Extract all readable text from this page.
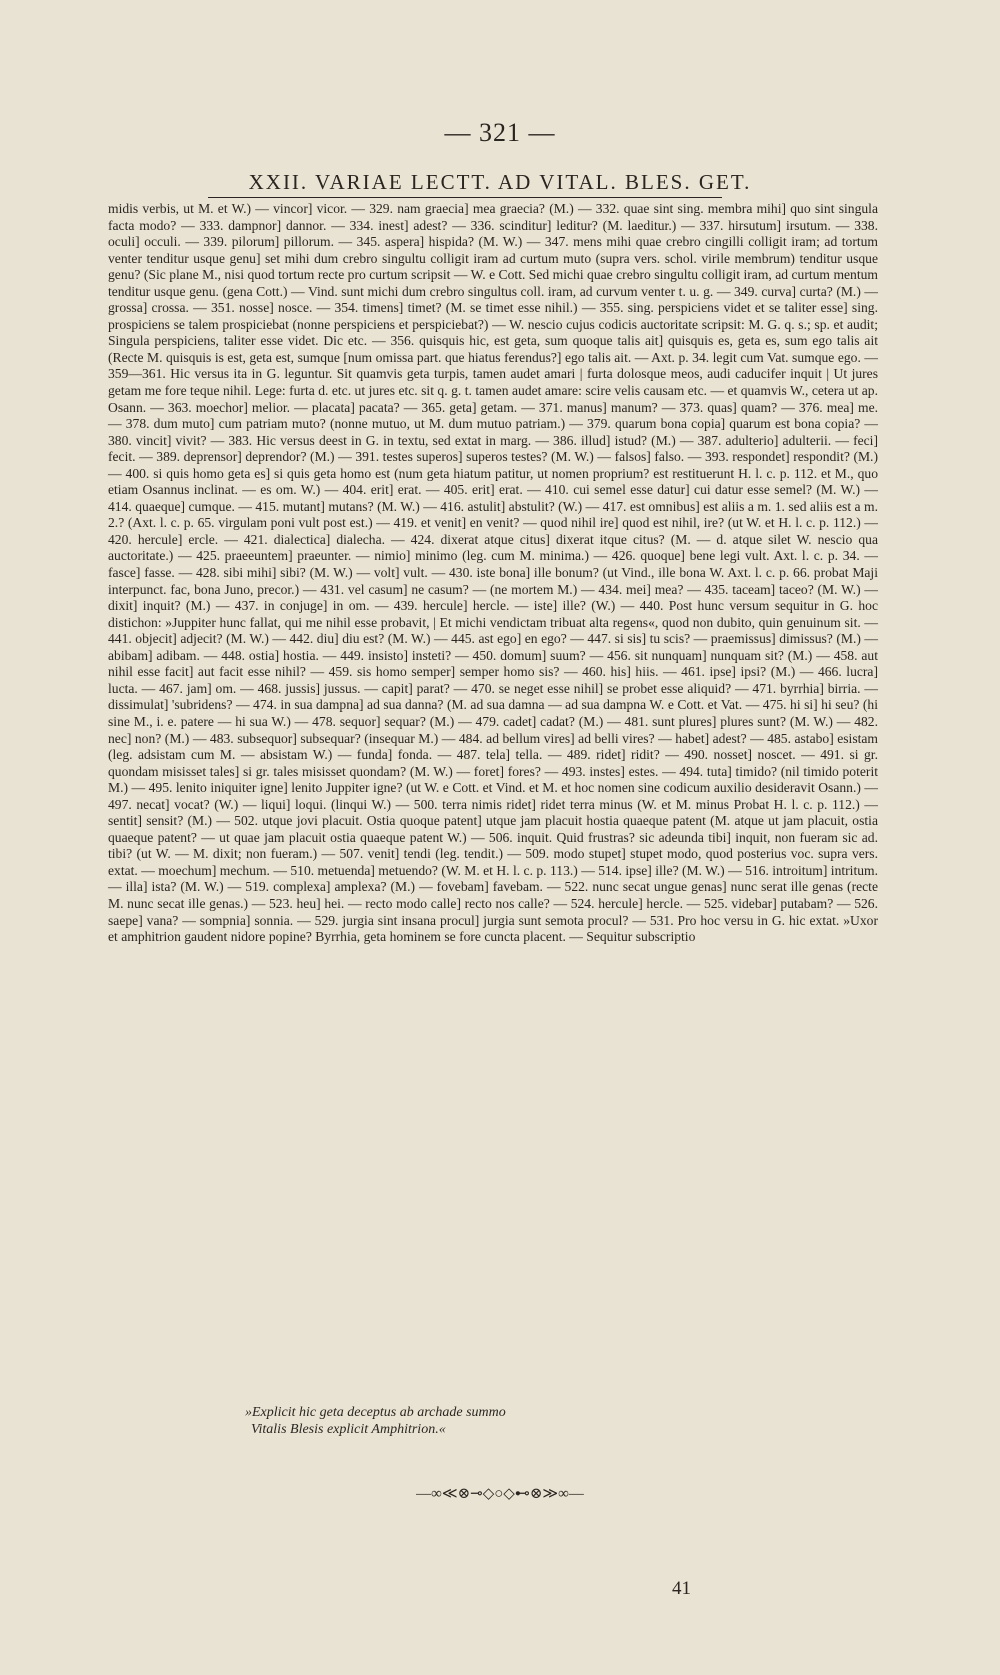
— 321 —
XXII. VARIAE LECTT. AD VITAL. BLES. GET.

midis verbis, ut M. et W.) — vincor] vicor. — 329. nam graecia] mea graecia? (M.) — 332. quae sint sing. membra mihi] quo sint singula facta modo? — 333. dampnor] dannor. — 334. inest] adest? — 336. scinditur] leditur? (M. laeditur.) — 337. hirsutum] irsutum. — 338. oculi] occuli. — 339. pilorum] pillorum. — 345. aspera] hispida? (M. W.) — 347. mens mihi quae crebro cingilli colligit iram; ad tortum venter tenditur usque genu] set mihi dum crebro singultu colligit iram ad curtum muto (supra vers. schol. virile membrum) tenditur usque genu? (Sic plane M., nisi quod tortum recte pro curtum scripsit — W. e Cott. Sed michi quae crebro singultu colligit iram, ad curtum mentum tenditur usque genu. (gena Cott.) — Vind. sunt michi dum crebro singultus coll. iram, ad curvum venter t. u. g. — 349. curva] curta? (M.) — grossa] crossa. — 351. nosse] nosce. — 354. timens] timet? (M. se timet esse nihil.) — 355. sing. perspiciens videt et se taliter esse] sing. prospiciens se talem prospiciebat (nonne perspiciens et perspiciebat?) — W. nescio cujus codicis auctoritate scripsit: M. G. q. s.; sp. et audit; Singula perspiciens, taliter esse videt. Dic etc. — 356. quisquis hic, est geta, sum quoque talis ait] quisquis es, geta es, sum ego talis ait (Recte M. quisquis is est, geta est, sumque [num omissa part. que hiatus ferendus?] ego talis ait. — Axt. p. 34. legit cum Vat. sumque ego. — 359—361. Hic versus ita in G. leguntur. Sit quamvis geta turpis, tamen audet amari | furta dolosque meos, audi caducifer inquit | Ut jures getam me fore teque nihil. Lege: furta d. etc. ut jures etc. sit q. g. t. tamen audet amare: scire velis causam etc. — et quamvis W., cetera ut ap. Osann. — 363. moechor] melior. — placata] pacata? — 365. geta] getam. — 371. manus] manum? — 373. quas] quam? — 376. mea] me. — 378. dum muto] cum patriam muto? (nonne mutuo, ut M. dum mutuo patriam.) — 379. quarum bona copia] quarum est bona copia? — 380. vincit] vivit? — 383. Hic versus deest in G. in textu, sed extat in marg. — 386. illud] istud? (M.) — 387. adulterio] adulterii. — feci] fecit. — 389. deprensor] deprendor? (M.) — 391. testes superos] superos testes? (M. W.) — falsos] falso. — 393. respondet] respondit? (M.) — 400. si quis homo geta es] si quis geta homo est (num geta hiatum patitur, ut nomen proprium? est restituerunt H. l. c. p. 112. et M., quo etiam Osannus inclinat. — es om. W.) — 404. erit] erat. — 405. erit] erat. — 410. cui semel esse datur] cui datur esse semel? (M. W.) — 414. quaeque] cumque. — 415. mutant] mutans? (M. W.) — 416. astulit] abstulit? (W.) — 417. est omnibus] est aliis a m. 1. sed aliis est a m. 2.? (Axt. l. c. p. 65. virgulam poni vult post est.) — 419. et venit] en venit? — quod nihil ire] quod est nihil, ire? (ut W. et H. l. c. p. 112.) — 420. hercule] ercle. — 421. dialectica] dialecha. — 424. dixerat atque citus] dixerat itque citus? (M. — d. atque silet W. nescio qua auctoritate.) — 425. praeeuntem] praeunter. — nimio] minimo (leg. cum M. minima.) — 426. quoque] bene legi vult. Axt. l. c. p. 34. — fasce] fasse. — 428. sibi mihi] sibi? (M. W.) — volt] vult. — 430. iste bona] ille bonum? (ut Vind., ille bona W. Axt. l. c. p. 66. probat Maji interpunct. fac, bona Juno, precor.) — 431. vel casum] ne casum? — (ne mortem M.) — 434. mei] mea? — 435. taceam] taceo? (M. W.) — dixit] inquit? (M.) — 437. in conjuge] in om. — 439. hercule] hercle. — iste] ille? (W.) — 440. Post hunc versum sequitur in G. hoc distichon: »Juppiter hunc fallat, qui me nihil esse probavit, | Et michi vendictam tribuat alta regens«, quod non dubito, quin genuinum sit. — 441. objecit] adjecit? (M. W.) — 442. diu] diu est? (M. W.) — 445. ast ego] en ego? — 447. si sis] tu scis? — praemissus] dimissus? (M.) — abibam] adibam. — 448. ostia] hostia. — 449. insisto] insteti? — 450. domum] suum? — 456. sit nunquam] nunquam sit? (M.) — 458. aut nihil esse facit] aut facit esse nihil? — 459. sis homo semper] semper homo sis? — 460. his] hiis. — 461. ipse] ipsi? (M.) — 466. lucra] lucta. — 467. jam] om. — 468. jussis] jussus. — capit] parat? — 470. se neget esse nihil] se probet esse aliquid? — 471. byrrhia] birria. — dissimulat] 'subridens? — 474. in sua dampna] ad sua danna? (M. ad sua damna — ad sua dampna W. e Cott. et Vat. — 475. hi si] hi seu? (hi sine M., i. e. patere — hi sua W.) — 478. sequor] sequar? (M.) — 479. cadet] cadat? (M.) — 481. sunt plures] plures sunt? (M. W.) — 482. nec] non? (M.) — 483. subsequor] subsequar? (insequar M.) — 484. ad bellum vires] ad belli vires? — habet] adest? — 485. astabo] esistam (leg. adsistam cum M. — absistam W.) — funda] fonda. — 487. tela] tella. — 489. ridet] ridit? — 490. nosset] noscet. — 491. si gr. quondam misisset tales] si gr. tales misisset quondam? (M. W.) — foret] fores? — 493. instes] estes. — 494. tuta] timido? (nil timido poterit M.) — 495. lenito iniquiter igne] lenito Juppiter igne? (ut W. e Cott. et Vind. et M. et hoc nomen sine codicum auxilio desideravit Osann.) — 497. necat] vocat? (W.) — liqui] loqui. (linqui W.) — 500. terra nimis ridet] ridet terra minus (W. et M. minus Probat H. l. c. p. 112.) — sentit] sensit? (M.) — 502. utque jovi placuit. Ostia quoque patent] utque jam placuit hostia quaeque patent (M. atque ut jam placuit, ostia quaeque patent? — ut quae jam placuit ostia quaeque patent W.) — 506. inquit. Quid frustras? sic adeunda tibi] inquit, non fueram sic ad. tibi? (ut W. — M. dixit; non fueram.) — 507. venit] tendi (leg. tendit.) — 509. modo stupet] stupet modo, quod posterius voc. supra vers. extat. — moechum] mechum. — 510. metuenda] metuendo? (W. M. et H. l. c. p. 113.) — 514. ipse] ille? (M. W.) — 516. introitum] intritum. — illa] ista? (M. W.) — 519. complexa] amplexa? (M.) — fovebam] favebam. — 522. nunc secat ungue genas] nunc serat ille genas (recte M. nunc secat ille genas.) — 523. heu] hei. — recto modo calle] recto nos calle? — 524. hercule] hercle. — 525. videbar] putabam? — 526. saepe] vana? — sompnia] sonnia. — 529. jurgia sint insana procul] jurgia sunt semota procul? — 531. Pro hoc versu in G. hic extat. »Uxor et amphitrion gaudent nidore popine? Byrrhia, geta hominem se fore cuncta placent. — Sequitur subscriptio

»Explicit hic geta deceptus ab archade summo
Vitalis Blesis explicit Amphitrion.«
—∞≪⊗⊸◇○◇⊷⊗≫∞—
41
